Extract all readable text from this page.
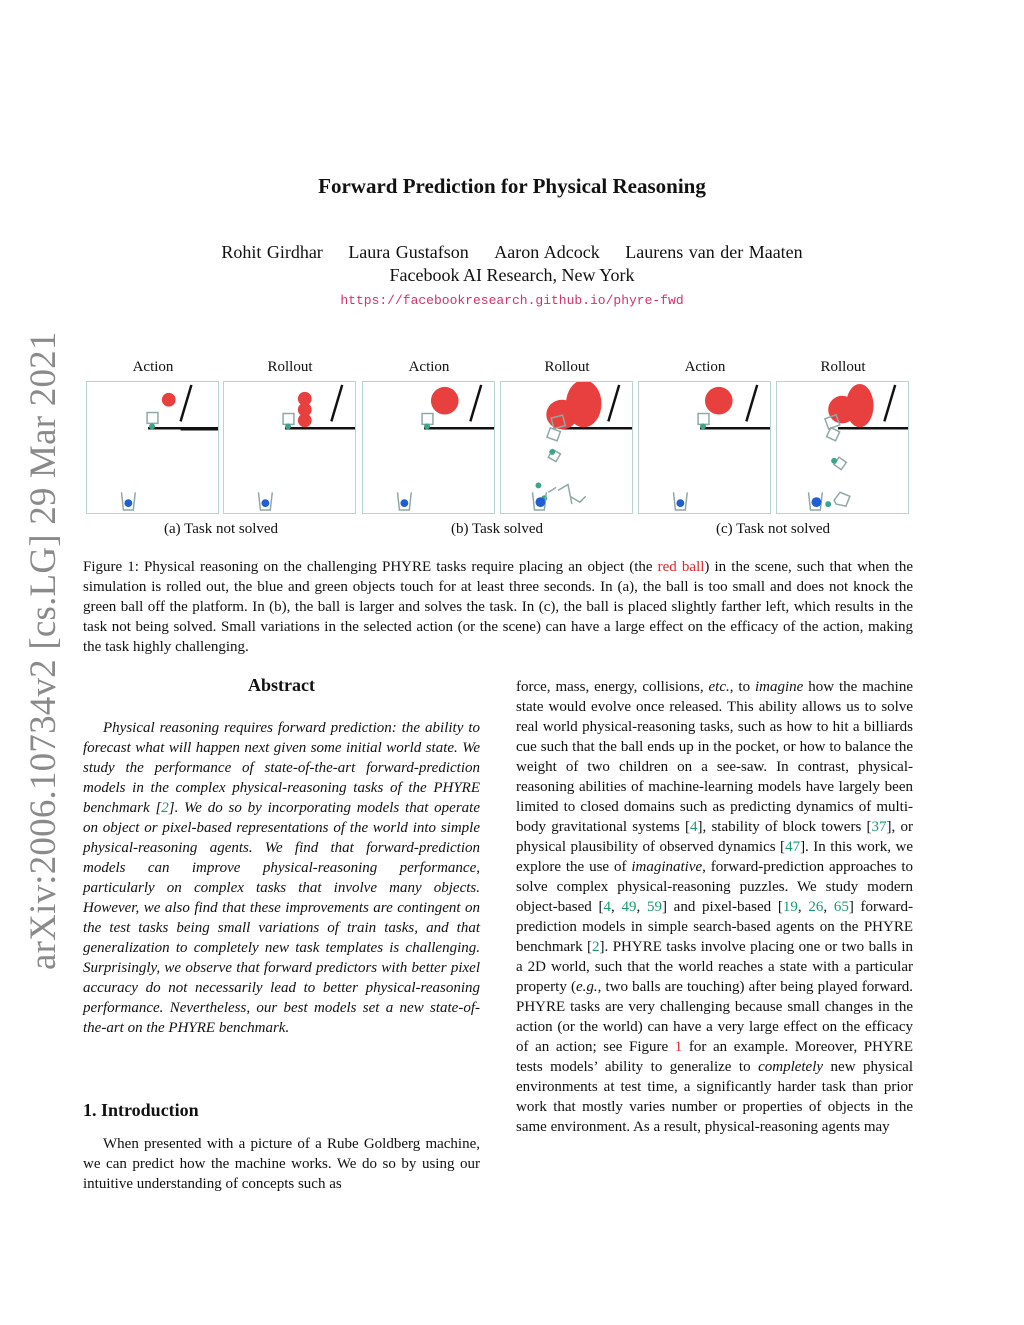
arXiv:2006.10734v2 [cs.LG] 29 Mar 2021
Forward Prediction for Physical Reasoning
Rohit Girdhar Laura Gustafson Aaron Adcock Laurens van der Maaten
Facebook AI Research, New York
https://facebookresearch.github.io/phyre-fwd
Action	Rollout	Action	Rollout	Action	Rollout
(a) Task not solved	(b) Task solved	(c) Task not solved
Figure 1: Physical reasoning on the challenging PHYRE tasks require placing an object (the red ball) in the scene, such that when the simulation is rolled out, the blue and green objects touch for at least three seconds. In (a), the ball is too small and does not knock the green ball off the platform. In (b), the ball is larger and solves the task. In (c), the ball is placed slightly farther left, which results in the task not being solved. Small variations in the selected action (or the scene) can have a large effect on the efficacy of the action, making the task highly challenging.
Abstract
Physical reasoning requires forward prediction: the ability to forecast what will happen next given some initial world state. We study the performance of state-of-the-art forward-prediction models in the complex physical-reasoning tasks of the PHYRE benchmark [2]. We do so by incorporating models that operate on object or pixel-based representations of the world into simple physical-reasoning agents. We find that forward-prediction models can improve physical-reasoning performance, particularly on complex tasks that involve many objects. However, we also find that these improvements are contingent on the test tasks being small variations of train tasks, and that generalization to completely new task templates is challenging. Surprisingly, we observe that forward predictors with better pixel accuracy do not necessarily lead to better physical-reasoning performance. Nevertheless, our best models set a new state-of-the-art on the PHYRE benchmark.
1. Introduction
When presented with a picture of a Rube Goldberg machine, we can predict how the machine works. We do so by using our intuitive understanding of concepts such as
force, mass, energy, collisions, etc., to imagine how the machine state would evolve once released. This ability allows us to solve real world physical-reasoning tasks, such as how to hit a billiards cue such that the ball ends up in the pocket, or how to balance the weight of two children on a see-saw. In contrast, physical-reasoning abilities of machine-learning models have largely been limited to closed domains such as predicting dynamics of multi-body gravitational systems [4], stability of block towers [37], or physical plausibility of observed dynamics [47]. In this work, we explore the use of imaginative, forward-prediction approaches to solve complex physical-reasoning puzzles. We study modern object-based [4, 49, 59] and pixel-based [19, 26, 65] forward-prediction models in simple search-based agents on the PHYRE benchmark [2]. PHYRE tasks involve placing one or two balls in a 2D world, such that the world reaches a state with a particular property (e.g., two balls are touching) after being played forward. PHYRE tasks are very challenging because small changes in the action (or the world) can have a very large effect on the efficacy of an action; see Figure 1 for an example. Moreover, PHYRE tests models’ ability to generalize to completely new physical environments at test time, a significantly harder task than prior work that mostly varies number or properties of objects in the same environment. As a result, physical-reasoning agents may
